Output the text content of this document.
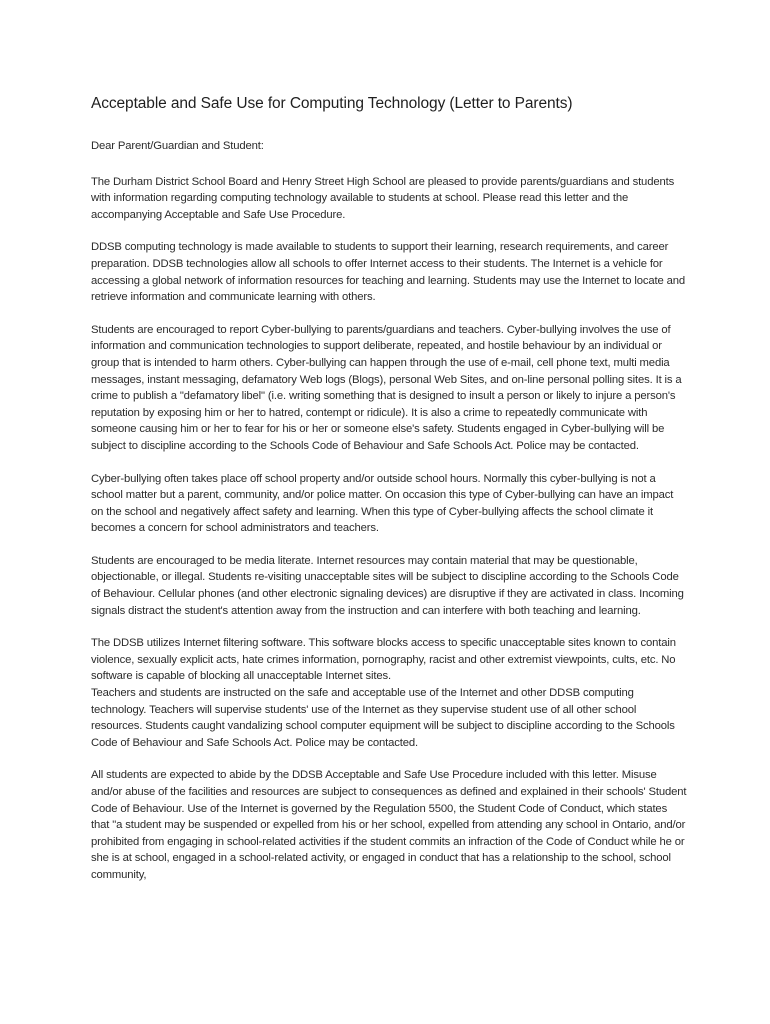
Acceptable and Safe Use for Computing Technology (Letter to Parents)

Dear Parent/Guardian and Student:

The Durham District School Board and Henry Street High School are pleased to provide parents/guardians and students with information regarding computing technology available to students at school. Please read this letter and the accompanying Acceptable and Safe Use Procedure.

DDSB computing technology is made available to students to support their learning, research requirements, and career preparation. DDSB technologies allow all schools to offer Internet access to their students. The Internet is a vehicle for accessing a global network of information resources for teaching and learning. Students may use the Internet to locate and retrieve information and communicate learning with others.

Students are encouraged to report Cyber-bullying to parents/guardians and teachers. Cyber-bullying involves the use of information and communication technologies to support deliberate, repeated, and hostile behaviour by an individual or group that is intended to harm others. Cyber-bullying can happen through the use of e-mail, cell phone text, multi media messages, instant messaging, defamatory Web logs (Blogs), personal Web Sites, and on-line personal polling sites. It is a crime to publish a "defamatory libel" (i.e. writing something that is designed to insult a person or likely to injure a person's reputation by exposing him or her to hatred, contempt or ridicule). It is also a crime to repeatedly communicate with someone causing him or her to fear for his or her or someone else's safety. Students engaged in Cyber-bullying will be subject to discipline according to the Schools Code of Behaviour and Safe Schools Act. Police may be contacted.

Cyber-bullying often takes place off school property and/or outside school hours. Normally this cyber-bullying is not a school matter but a parent, community, and/or police matter. On occasion this type of Cyber-bullying can have an impact on the school and negatively affect safety and learning. When this type of Cyber-bullying affects the school climate it becomes a concern for school administrators and teachers.

Students are encouraged to be media literate. Internet resources may contain material that may be questionable, objectionable, or illegal. Students re-visiting unacceptable sites will be subject to discipline according to the Schools Code of Behaviour. Cellular phones (and other electronic signaling devices) are disruptive if they are activated in class. Incoming signals distract the student's attention away from the instruction and can interfere with both teaching and learning.

The DDSB utilizes Internet filtering software. This software blocks access to specific unacceptable sites known to contain violence, sexually explicit acts, hate crimes information, pornography, racist and other extremist viewpoints, cults, etc. No software is capable of blocking all unacceptable Internet sites.

Teachers and students are instructed on the safe and acceptable use of the Internet and other DDSB computing technology. Teachers will supervise students' use of the Internet as they supervise student use of all other school resources. Students caught vandalizing school computer equipment will be subject to discipline according to the Schools Code of Behaviour and Safe Schools Act. Police may be contacted.

All students are expected to abide by the DDSB Acceptable and Safe Use Procedure included with this letter. Misuse and/or abuse of the facilities and resources are subject to consequences as defined and explained in their schools' Student Code of Behaviour. Use of the Internet is governed by the Regulation 5500, the Student Code of Conduct, which states that "a student may be suspended or expelled from his or her school, expelled from attending any school in Ontario, and/or prohibited from engaging in school-related activities if the student commits an infraction of the Code of Conduct while he or she is at school, engaged in a school-related activity, or engaged in conduct that has a relationship to the school, school community,
